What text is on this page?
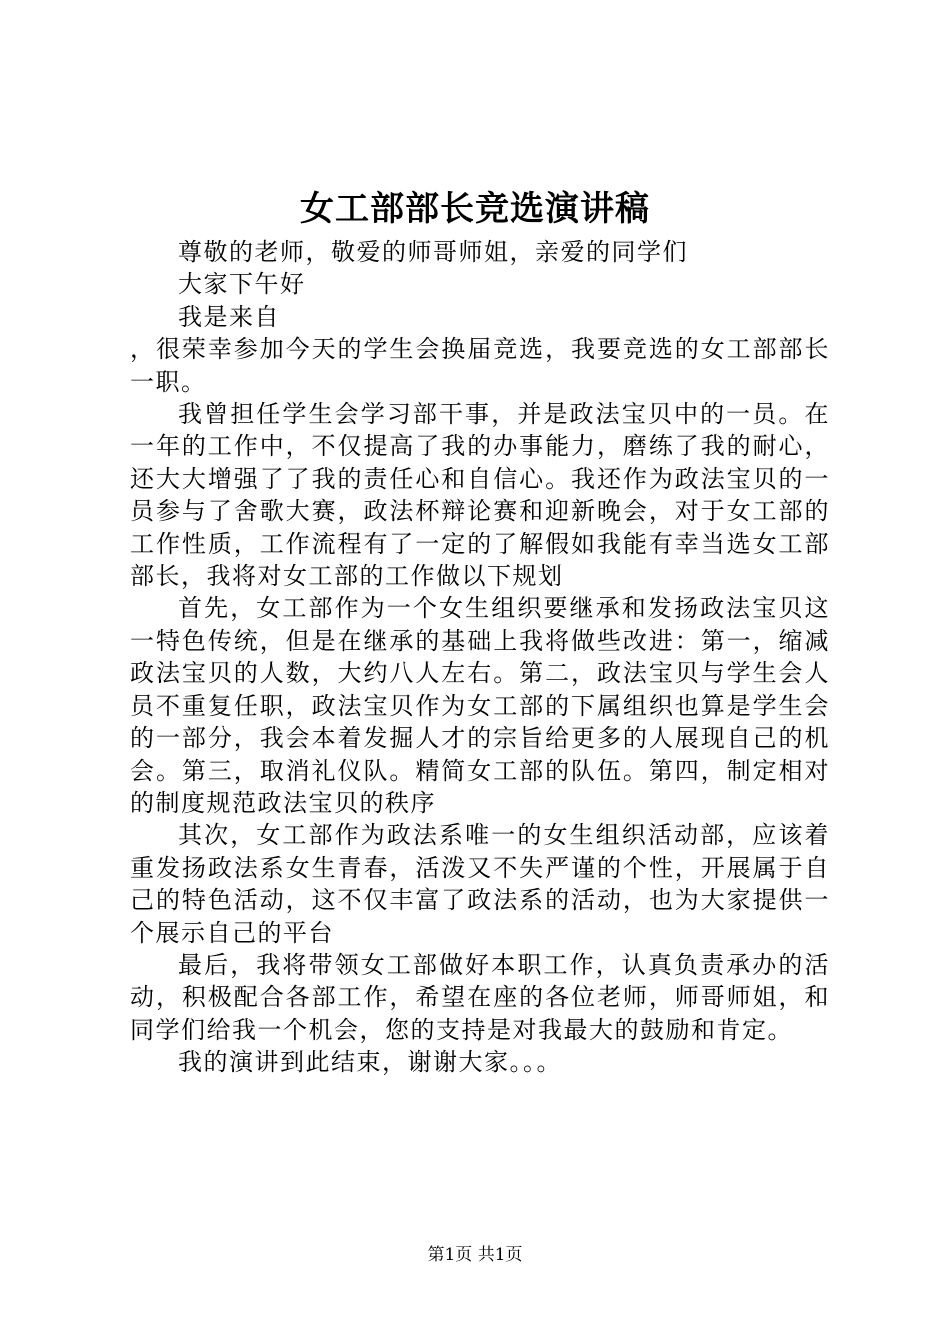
女工部部长竞选演讲稿

尊敬的老师，敬爱的师哥师姐，亲爱的同学们

大家下午好

我是来自

，很荣幸参加今天的学生会换届竞选，我要竞选的女工部部长一职。

我曾担任学生会学习部干事，并是政法宝贝中的一员。在一年的工作中，不仅提高了我的办事能力，磨练了我的耐心，还大大增强了了我的责任心和自信心。我还作为政法宝贝的一员参与了舍歌大赛，政法杯辩论赛和迎新晚会，对于女工部的工作性质，工作流程有了一定的了解假如我能有幸当选女工部部长，我将对女工部的工作做以下规划

首先，女工部作为一个女生组织要继承和发扬政法宝贝这一特色传统，但是在继承的基础上我将做些改进：第一，缩减政法宝贝的人数，大约八人左右。第二，政法宝贝与学生会人员不重复任职，政法宝贝作为女工部的下属组织也算是学生会的一部分，我会本着发掘人才的宗旨给更多的人展现自己的机会。第三，取消礼仪队。精简女工部的队伍。第四，制定相对的制度规范政法宝贝的秩序

其次，女工部作为政法系唯一的女生组织活动部，应该着重发扬政法系女生青春，活泼又不失严谨的个性，开展属于自己的特色活动，这不仅丰富了政法系的活动，也为大家提供一个展示自己的平台

最后，我将带领女工部做好本职工作，认真负责承办的活动，积极配合各部工作，希望在座的各位老师，师哥师姐，和同学们给我一个机会，您的支持是对我最大的鼓励和肯定。

我的演讲到此结束，谢谢大家。。。

第1页 共1页
